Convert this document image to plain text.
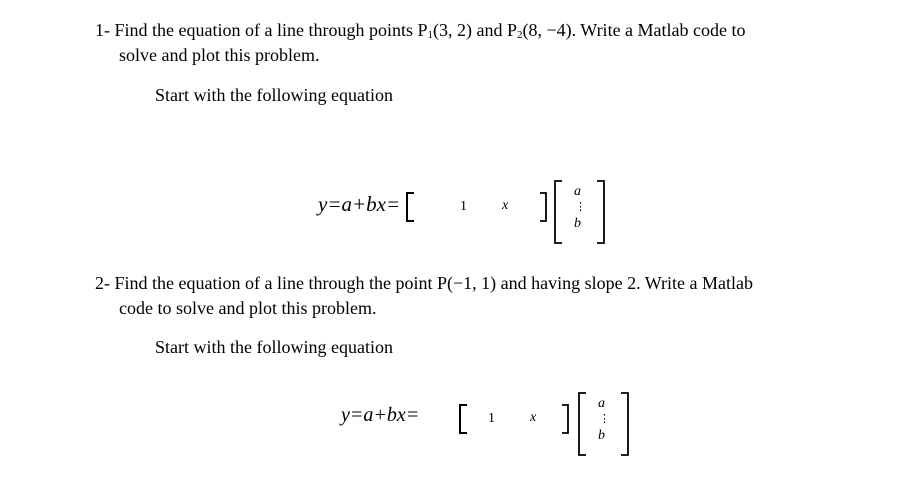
1- Find the equation of a line through points $P_1(3$, 2) and $P_2(8$, −4). Write a Matlab code to
solve and plot this problem.
Start with the following equation
y=a+bx=	1	x
a
⋮
b
2- Find the equation of a line through the point P(−1, 1) and having slope 2. Write a Matlab
code to solve and plot this problem.
Start with the following equation
y=a+bx=	1	x
a
⋮
b
